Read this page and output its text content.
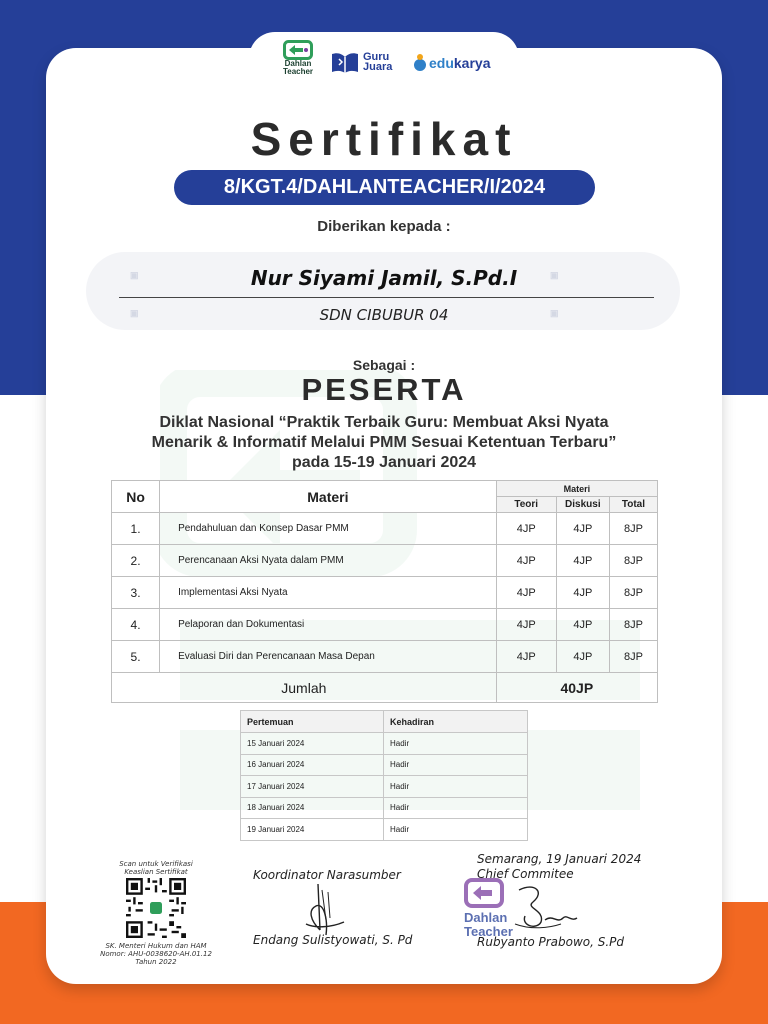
Dahlan
Teacher
Guru
Juara	edukarya
Sertifikat
8/KGT.4/DAHLANTEACHER/I/2024
Diberikan kepada :
▣
▣
▣
▣
Nur Siyami Jamil, S.Pd.I
SDN CIBUBUR 04
Sebagai :
PESERTA
Diklat Nasional “Praktik Terbaik Guru: Membuat Aksi Nyata
Menarik & Informatif Melalui PMM Sesuai Ketentuan Terbaru”
pada 15-19 Januari 2024
No	Materi	Materi		
		Teori	Diskusi	Total
1.	Pendahuluan dan Konsep Dasar PMM	4JP	4JP	8JP
2.	Perencanaan Aksi Nyata dalam PMM	4JP	4JP	8JP
3.	Implementasi Aksi Nyata	4JP	4JP	8JP
4.	Pelaporan dan Dokumentasi	4JP	4JP	8JP
5.	Evaluasi Diri dan Perencanaan Masa Depan	4JP	4JP	8JP
Jumlah		40JP		
Pertemuan	Kehadiran
15 Januari 2024	Hadir
16 Januari 2024	Hadir
17 Januari 2024	Hadir
18 Januari 2024	Hadir
19 Januari 2024	Hadir
Scan untuk Verifikasi
Keaslian Sertifikat
SK. Menteri Hukum dan HAM
Nomor: AHU-0038620-AH.01.12
Tahun 2022
Koordinator Narasumber
Endang Sulistyowati, S. Pd
Semarang, 19 Januari 2024
Chief Commitee
Dahlan
Teacher
Rubyanto Prabowo, S.Pd
